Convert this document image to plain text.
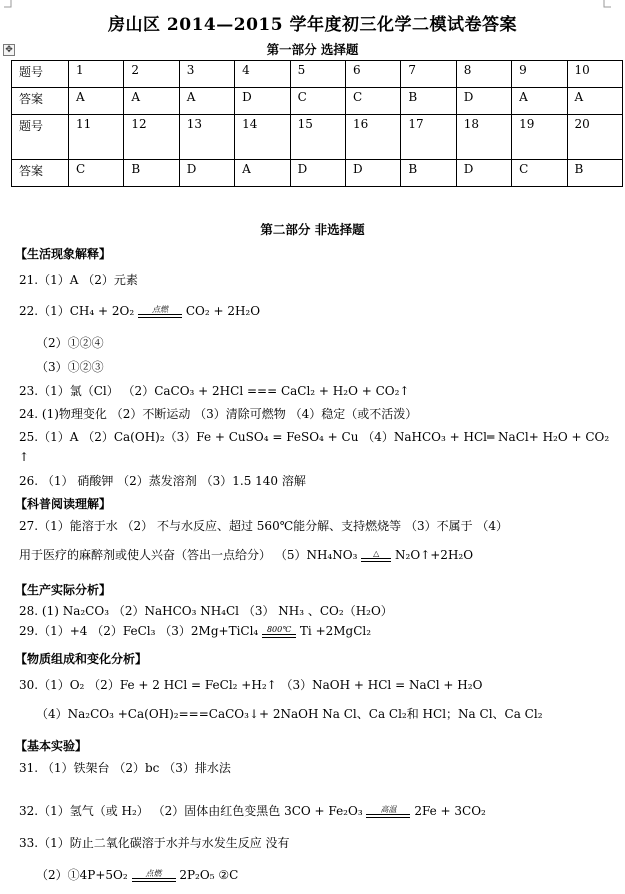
✥
房山区 2014—2015 学年度初三化学二模试卷答案
第一部分 选择题
题号	1	2	3	4	5	6	7	8	9	10
答案	A	A	A	D	C	C	B	D	A	A
题号	11	12	13	14	15	16	17	18	19	20
答案	C	B	D	A	D	D	B	D	C	B
第二部分 非选择题
【生活现象解释】
21.（1）A （2）元素
22.（1）CH₄ + 2O₂	点燃	CO₂ + 2H₂O
（2）①②④
（3）①②③
23.（1）氯（Cl） （2）CaCO₃ + 2HCl === CaCl₂ + H₂O + CO₂↑
24. (1)物理变化 （2）不断运动 （3）清除可燃物 （4）稳定（或不活泼）
25.（1）A （2）Ca(OH)₂（3）Fe + CuSO₄ = FeSO₄ + Cu （4）NaHCO₃ + HCl═ NaCl+ H₂O + CO₂
↑
26. （1） 硝酸钾 （2）蒸发溶剂 （3）1.5 140 溶解
【科普阅读理解】
27.（1）能溶于水 （2） 不与水反应、超过 560℃能分解、支持燃烧等 （3）不属于 （4）
用于医疗的麻醉剂或使人兴奋（答出一点给分） （5）NH₄NO₃	△	N₂O↑+2H₂O
【生产实际分析】
28. (1) Na₂CO₃ （2）NaHCO₃ NH₄Cl （3） NH₃ 、CO₂（H₂O）
29.（1）+4 （2）FeCl₃ （3）2Mg+TiCl₄	800℃ Ti +2MgCl₂
【物质组成和变化分析】
30.（1）O₂ （2）Fe + 2 HCl = FeCl₂ +H₂↑ （3）NaOH + HCl = NaCl + H₂O
（4）Na₂CO₃ +Ca(OH)₂===CaCO₃↓+ 2NaOH Na Cl、Ca Cl₂和 HCl；Na Cl、Ca Cl₂
【基本实验】
31. （1）铁架台 （2）bc （3）排水法
32.（1）氢气（或 H₂） （2）固体由红色变黑色 3CO + Fe₂O₃	高温	2Fe + 3CO₂
33.（1）防止二氧化碳溶于水并与水发生反应 没有
（2）①4P+5O₂	点燃	2P₂O₅ ②C
